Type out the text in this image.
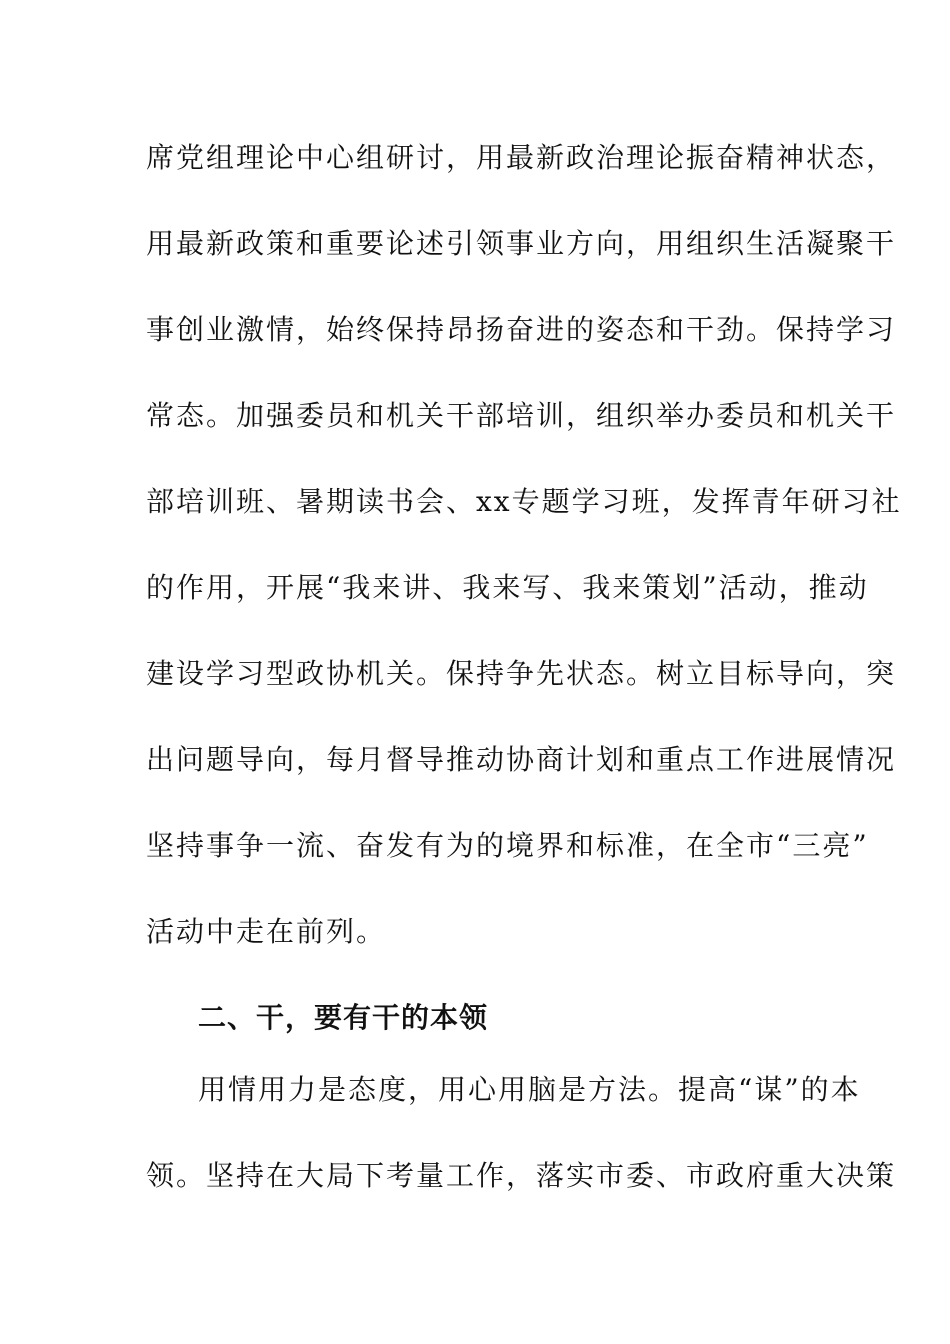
席党组理论中心组研讨，用最新政治理论振奋精神状态，
用最新政策和重要论述引领事业方向，用组织生活凝聚干
事创业激情，始终保持昂扬奋进的姿态和干劲。保持学习
常态。加强委员和机关干部培训，组织举办委员和机关干
部培训班、暑期读书会、xx专题学习班，发挥青年研习社
的作用，开展“我来讲、我来写、我来策划”活动，推动
建设学习型政协机关。保持争先状态。树立目标导向，突
出问题导向，每月督导推动协商计划和重点工作进展情况
坚持事争一流、奋发有为的境界和标准，在全市“三亮”
活动中走在前列。
二、干，要有干的本领
用情用力是态度，用心用脑是方法。提高“谋”的本
领。坚持在大局下考量工作，落实市委、市政府重大决策
